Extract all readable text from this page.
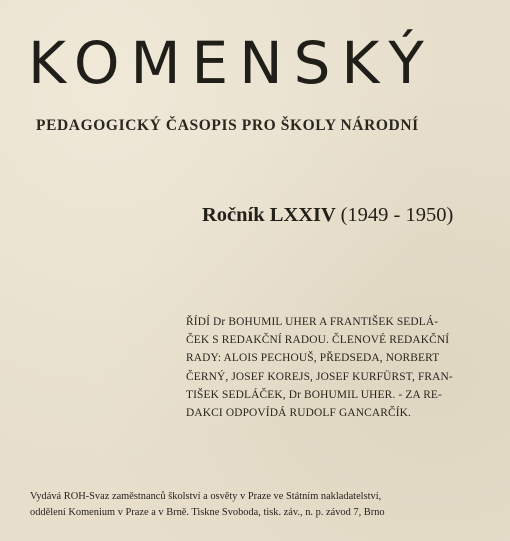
KOMENSKÝ
PEDAGOGICKÝ ČASOPIS PRO ŠKOLY NÁRODNÍ
Ročník LXXIV (1949 - 1950)
ŘÍDÍ Dr BOHUMIL UHER A FRANTIŠEK SEDLÁ-
ČEK S REDAKČNÍ RADOU. ČLENOVÉ REDAKČNÍ
RADY: ALOIS PECHOUŠ, PŘEDSEDA, NORBERT
ČERNÝ, JOSEF KOREJS, JOSEF KURFÜRST, FRAN-
TIŠEK SEDLÁČEK, Dr BOHUMIL UHER. - ZA RE-
DAKCI ODPOVÍDÁ RUDOLF GANCARČÍK.
Vydává ROH-Svaz zaměstnanců školství a osvěty v Praze ve Státním nakladatelství,
oddělení Komenium v Praze a v Brně. Tiskne Svoboda, tisk. záv., n. p. závod 7, Brno
